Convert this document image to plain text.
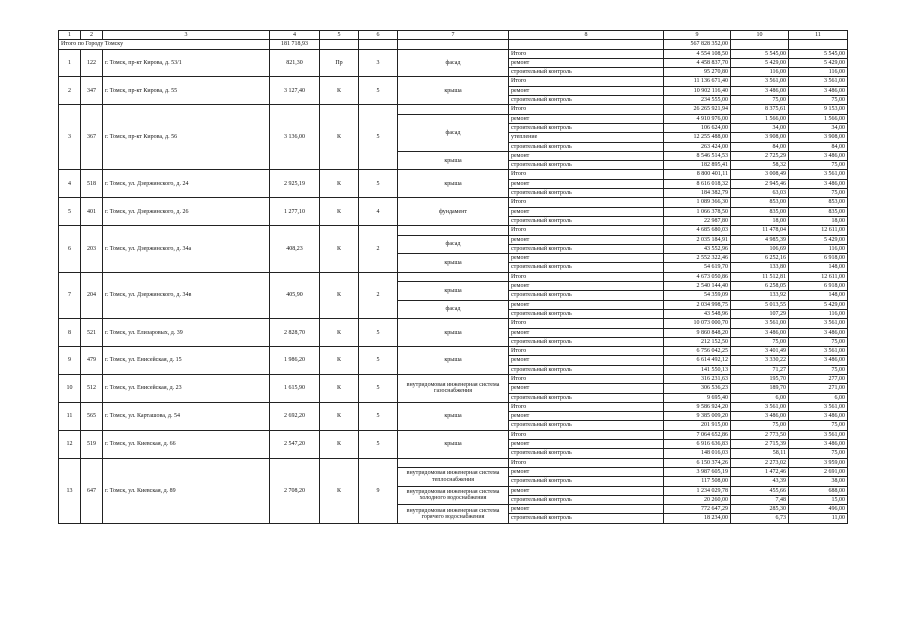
1	2	3	4	5	6	7	8	9	10	11
Итого по Городу Томску			181 718,93					567 828 352,00		
1	122	г. Томск, пр-кт Кирова, д. 53/1	821,30	Пр	3	фасад	Итого	4 554 108,50	5 545,00	5 545,00
							ремонт	4 458 837,70	5 429,00	5 429,00
							строительный контроль	95 270,80	116,00	116,00
2	347	г. Томск, пр-кт Кирова, д. 55	3 127,40	К	5	крыша	Итого	11 136 671,40	3 561,00	3 561,00
							ремонт	10 902 116,40	3 486,00	3 486,00
							строительный контроль	234 555,00	75,00	75,00
3	367	г. Томск, пр-кт Кирова, д. 56	3 136,00	К	5		Итого	26 265 921,94	8 375,61	9 153,00
						фасад	ремонт	4 910 976,00	1 566,00	1 566,00
							строительный контроль	106 624,00	34,00	34,00
							утепление	12 255 488,00	3 908,00	3 908,00
							строительный контроль	263 424,00	84,00	84,00
						крыша	ремонт	8 546 514,53	2 725,29	3 486,00
							строительный контроль	182 895,41	58,32	75,00
4	518	г. Томск, ул. Дзержинского, д. 24	2 925,19	К	5	крыша	Итого	8 800 401,11	3 008,49	3 561,00
							ремонт	8 616 018,32	2 945,46	3 486,00
							строительный контроль	184 382,79	63,03	75,00
5	401	г. Томск, ул. Дзержинского, д. 26	1 277,10	К	4	фундамент	Итого	1 089 366,30	853,00	853,00
							ремонт	1 066 378,50	835,00	835,00
							строительный контроль	22 987,80	18,00	18,00
6	203	г. Томск, ул. Дзержинского, д. 34а	408,23	К	2		Итого	4 685 680,03	11 478,04	12 611,00
						фасад	ремонт	2 035 184,91	4 985,39	5 429,00
							строительный контроль	43 552,96	106,69	116,00
						крыша	ремонт	2 552 322,46	6 252,16	6 918,00
							строительный контроль	54 619,70	133,80	148,00
7	204	г. Томск, ул. Дзержинского, д. 34в	405,90	К	2		Итого	4 673 050,86	11 512,81	12 611,00
						крыша	ремонт	2 540 144,40	6 258,05	6 918,00
							строительный контроль	54 359,09	133,92	148,00
						фасад	ремонт	2 034 998,75	5 013,55	5 429,00
							строительный контроль	43 548,96	107,29	116,00
8	521	г. Томск, ул. Елизаровых, д. 39	2 828,70	К	5	крыша	Итого	10 073 000,70	3 561,00	3 561,00
							ремонт	9 860 848,20	3 486,00	3 486,00
							строительный контроль	212 152,50	75,00	75,00
9	479	г. Томск, ул. Енисейская, д. 15	1 986,20	К	5	крыша	Итого	6 756 042,25	3 401,49	3 561,00
							ремонт	6 614 492,12	3 330,22	3 486,00
							строительный контроль	141 550,13	71,27	75,00
10	512	г. Томск, ул. Енисейская, д. 23	1 615,90	К	5	внутридомовая инженерная система газоснабжения	Итого	316 231,63	195,70	277,00
							ремонт	306 536,23	189,70	271,00
							строительный контроль	9 695,40	6,00	6,00
11	565	г. Томск, ул. Карташова, д. 54	2 692,20	К	5	крыша	Итого	9 586 924,20	3 561,00	3 561,00
							ремонт	9 385 009,20	3 486,00	3 486,00
							строительный контроль	201 915,00	75,00	75,00
12	519	г. Томск, ул. Киевская, д. 66	2 547,20	К	5	крыша	Итого	7 064 652,86	2 773,50	3 561,00
							ремонт	6 916 636,83	2 715,39	3 486,00
							строительный контроль	148 016,03	58,11	75,00
13	647	г. Томск, ул. Киевская, д. 89	2 708,20	К	9		Итого	6 150 374,26	2 273,02	3 959,00
						внутридомовая инженерная система теплоснабжения	ремонт	3 987 605,19	1 472,46	2 691,00
							строительный контроль	117 508,00	43,39	38,00
						внутридомовая инженерная система холодного водоснабжения	ремонт	1 234 029,78	455,66	688,00
							строительный контроль	20 260,00	7,48	15,00
						внутридомовая инженерная система горячего водоснабжения	ремонт	772 647,29	285,30	496,00
							строительный контроль	18 234,00	6,73	11,00
